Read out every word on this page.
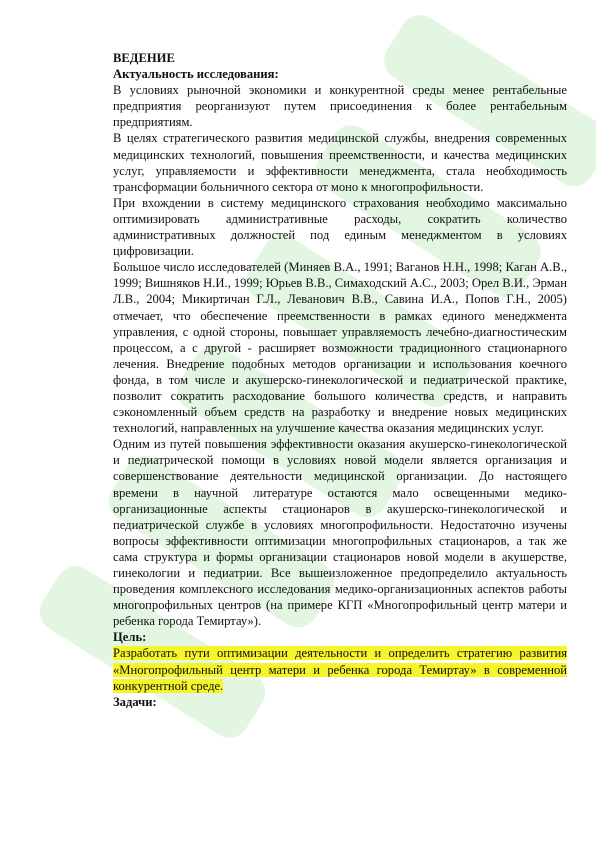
ВЕДЕНИЕ

Актуальность исследования:

В условиях рыночной экономики и конкурентной среды менее рентабельные предприятия реорганизуют путем присоединения к более рентабельным предприятиям.

В целях стратегического развития медицинской службы, внедрения современных медицинских технологий, повышения преемственности, и качества медицинских услуг, управляемости и эффективности менеджмента, стала необходимость трансформации больничного сектора от моно к многопрофильности.

При вхождении в систему медицинского страхования необходимо максимально оптимизировать административные расходы, сократить количество административных должностей под единым менеджментом в условиях цифровизации.

Большое число исследователей (Миняев В.А., 1991; Ваганов Н.Н., 1998; Каган А.В., 1999; Вишняков Н.И., 1999; Юрьев В.В., Симаходский А.С., 2003; Орел В.И., Эрман Л.В., 2004; Микиртичан Г.Л., Леванович В.В., Савина И.А., Попов Г.Н., 2005) отмечает, что обеспечение преемственности в рамках единого менеджмента управления, с одной стороны, повышает управляемость лечебно-диагностическим процессом, а с другой - расширяет возможности традиционного стационарного лечения. Внедрение подобных методов организации и использования коечного фонда, в том числе и акушерско-гинекологической и педиатрической практике, позволит сократить расходование большого количества средств, и направить сэкономленный объем средств на разработку и внедрение новых медицинских технологий, направленных на улучшение качества оказания медицинских услуг.

Одним из путей повышения эффективности оказания акушерско-гинекологической и педиатрической помощи в условиях новой модели является организация и совершенствование деятельности медицинской организации. До настоящего времени в научной литературе остаются мало освещенными медико-организационные аспекты стационаров в акушерско-гинекологической и педиатрической службе в условиях многопрофильности. Недостаточно изучены вопросы эффективности оптимизации многопрофильных стационаров, а так же сама структура и формы организации стационаров новой модели в акушерстве, гинекологии и педиатрии. Все вышеизложенное предопределило актуальность проведения комплексного исследования медико-организационных аспектов работы многопрофильных центров (на примере КГП «Многопрофильный центр матери и ребенка города Темиртау»).

Цель:

Разработать пути оптимизации деятельности и определить стратегию развития «Многопрофильный центр матери и ребенка города Темиртау» в современной конкурентной среде.

Задачи:
